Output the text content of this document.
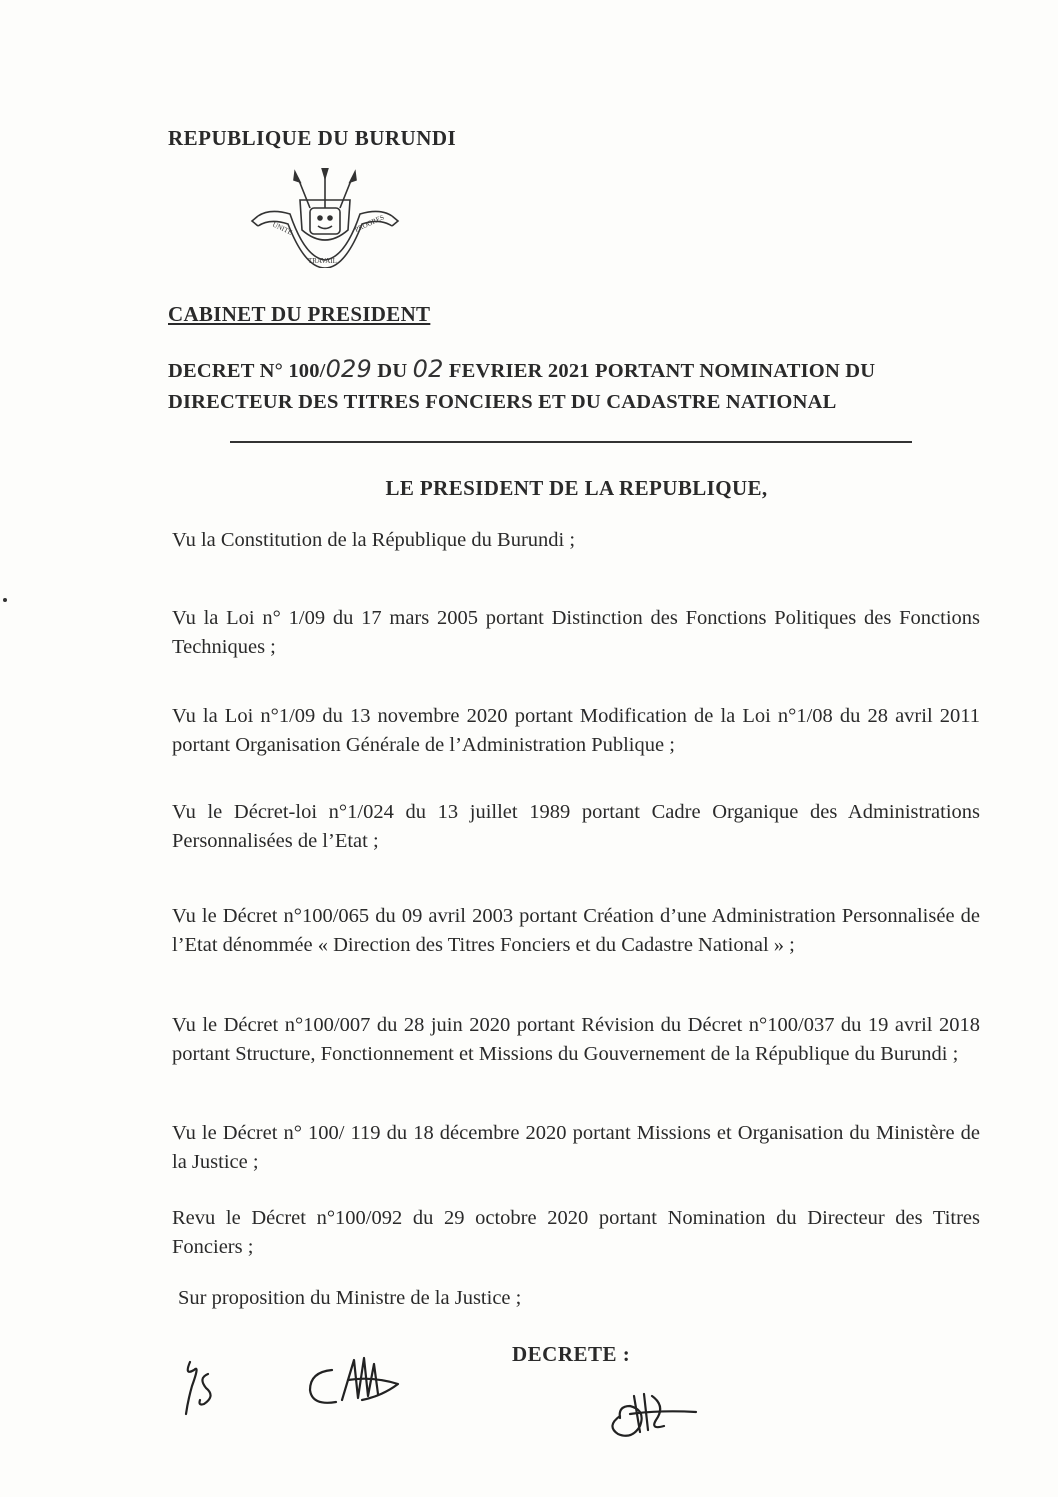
REPUBLIQUE DU BURUNDI
UNITE
TRAVAIL
PROGRES
CABINET DU PRESIDENT
DECRET N° 100/029 DU 02 FEVRIER 2021 PORTANT NOMINATION DU
DIRECTEUR DES TITRES FONCIERS ET DU CADASTRE NATIONAL
LE PRESIDENT DE LA REPUBLIQUE,

Vu la Constitution de la République du Burundi ;

Vu la Loi n° 1/09 du 17 mars 2005 portant Distinction des Fonctions Politiques des Fonctions Techniques ;

Vu la Loi n°1/09 du 13 novembre 2020 portant Modification de la Loi n°1/08 du 28 avril 2011 portant Organisation Générale de l’Administration Publique ;

Vu le Décret-loi n°1/024 du 13 juillet 1989 portant Cadre Organique des Administrations Personnalisées de l’Etat ;

Vu le Décret n°100/065 du 09 avril 2003 portant Création d’une Administration Personnalisée de l’Etat dénommée « Direction des Titres Fonciers et du Cadastre National » ;

Vu le Décret n°100/007 du 28 juin 2020 portant Révision du Décret n°100/037 du 19 avril 2018 portant Structure, Fonctionnement et Missions du Gouvernement de la République du Burundi ;

Vu le Décret n° 100/ 119 du 18 décembre 2020 portant Missions et Organisation du Ministère de la Justice ;

Revu le Décret n°100/092 du 29 octobre 2020 portant Nomination du Directeur des Titres Fonciers ;

Sur proposition du Ministre de la Justice ;

DECRETE :
